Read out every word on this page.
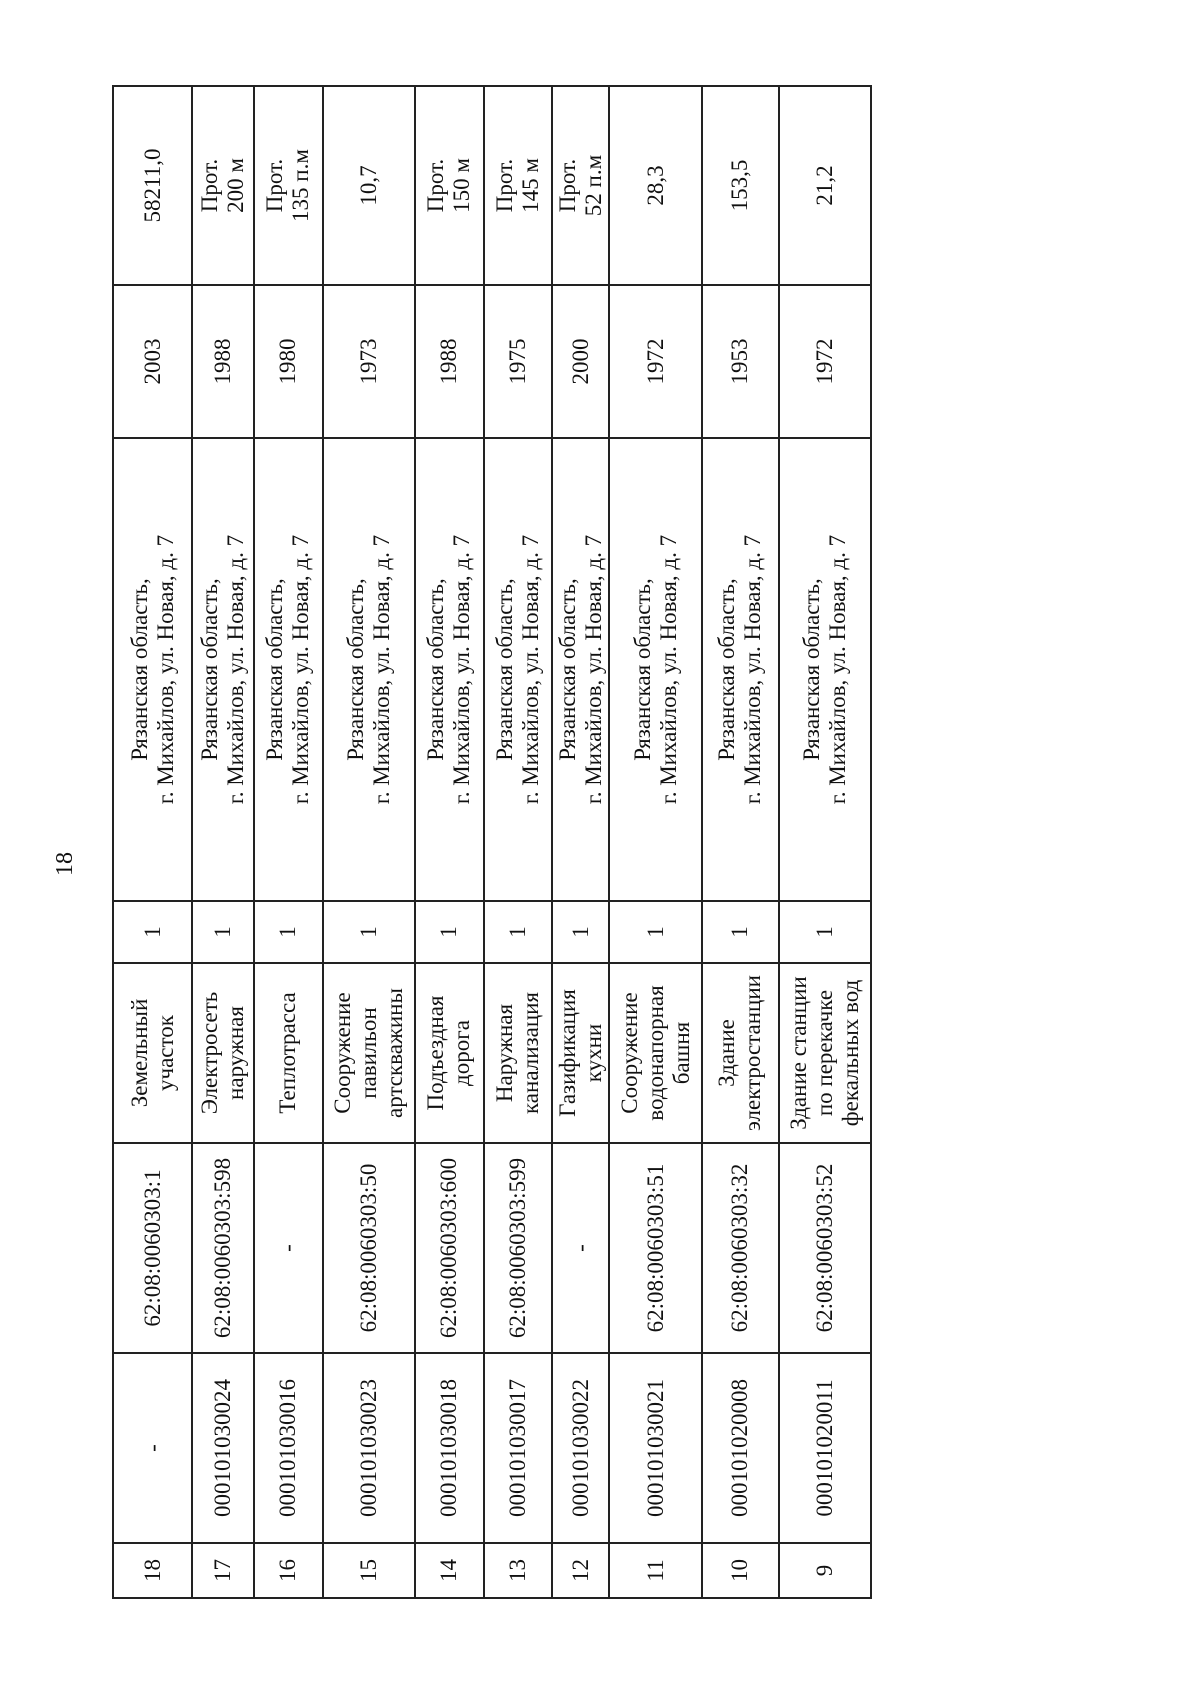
18
18	-	62:08:0060303:1	Земельный
участок	1	Рязанская область,
г. Михайлов, ул. Новая, д. 7	2003	58211,0
17	000101030024	62:08:0060303:598	Электросеть
наружная	1	Рязанская область,
г. Михайлов, ул. Новая, д. 7	1988	Прот.
200 м
16	000101030016	-	Теплотрасса	1	Рязанская область,
г. Михайлов, ул. Новая, д. 7	1980	Прот.
135 п.м
15	000101030023	62:08:0060303:50	Сооружение
павильон
артскважины	1	Рязанская область,
г. Михайлов, ул. Новая, д. 7	1973	10,7
14	000101030018	62:08:0060303:600	Подъездная
дорога	1	Рязанская область,
г. Михайлов, ул. Новая, д. 7	1988	Прот.
150 м
13	000101030017	62:08:0060303:599	Наружная
канализация	1	Рязанская область,
г. Михайлов, ул. Новая, д. 7	1975	Прот.
145 м
12	000101030022	-	Газификация
кухни	1	Рязанская область,
г. Михайлов, ул. Новая, д. 7	2000	Прот.
52 п.м
11	000101030021	62:08:0060303:51	Сооружение
водонапорная
башня	1	Рязанская область,
г. Михайлов, ул. Новая, д. 7	1972	28,3
10	000101020008	62:08:0060303:32	Здание
электростанции	1	Рязанская область,
г. Михайлов, ул. Новая, д. 7	1953	153,5
9	000101020011	62:08:0060303:52	Здание станции
по перекачке
фекальных вод	1	Рязанская область,
г. Михайлов, ул. Новая, д. 7	1972	21,2
